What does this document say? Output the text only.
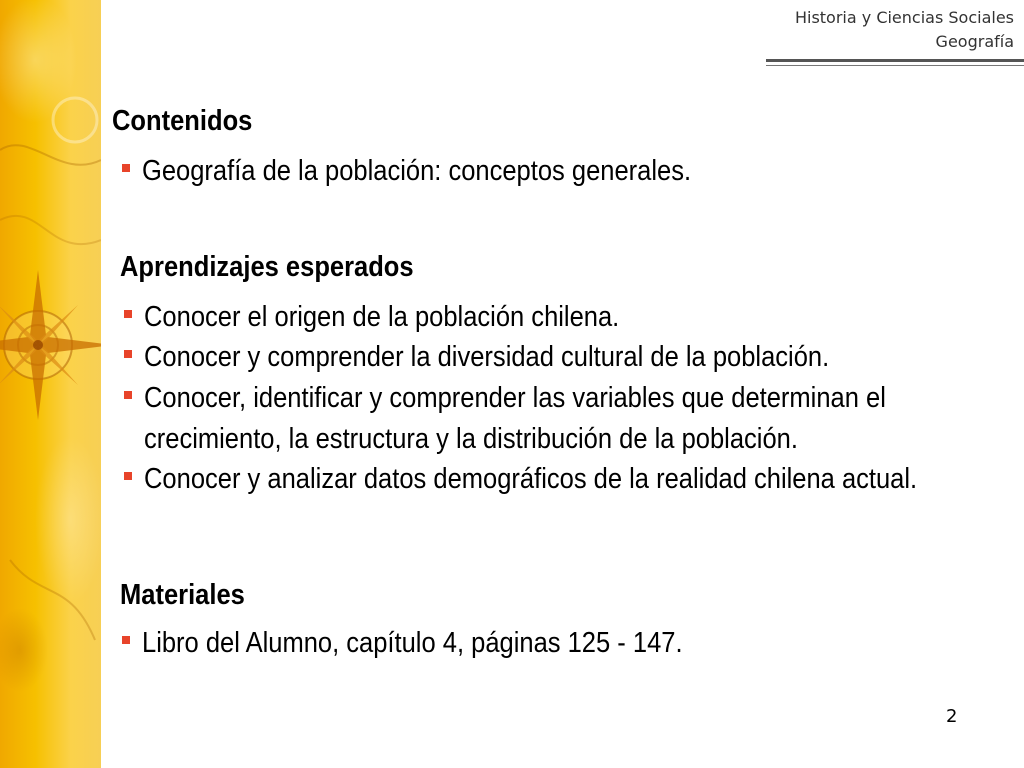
Historia y Ciencias Sociales
Geografía
Contenidos
Geografía de la población: conceptos generales.
Aprendizajes esperados
Conocer el origen de la población chilena.
Conocer y comprender la diversidad cultural de la población.
Conocer, identificar y comprender las variables que determinan el
crecimiento, la estructura y la distribución de la población.
Conocer y analizar datos demográficos de la realidad chilena actual.
Materiales
Libro del Alumno, capítulo 4, páginas 125 - 147.
2
